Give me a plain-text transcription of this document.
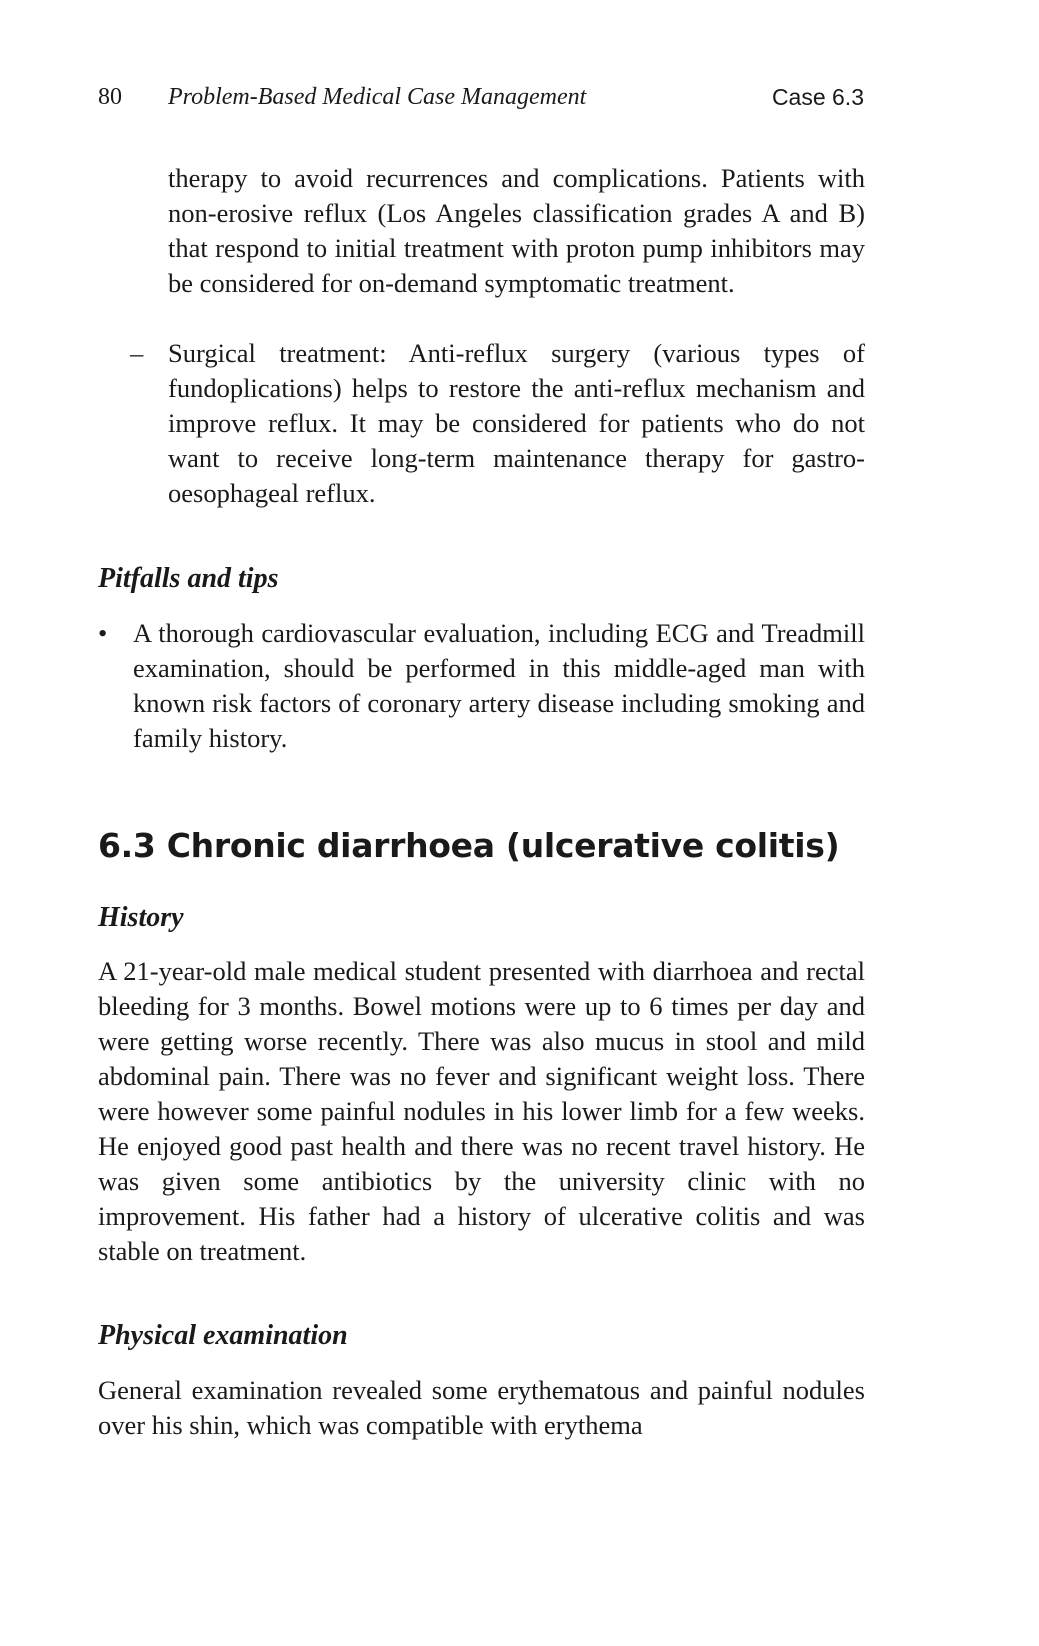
80 Problem-Based Medical Case Management	Case 6.3
therapy to avoid recurrences and complications. Patients with non-erosive reflux (Los Angeles classification grades A and B) that respond to initial treatment with proton pump inhibitors may be considered for on-demand symptomatic treatment.
– Surgical treatment: Anti-reflux surgery (various types of fundoplications) helps to restore the anti-reflux mechanism and improve reflux. It may be considered for patients who do not want to receive long-term maintenance therapy for gastro-oesophageal reflux.
Pitfalls and tips
• A thorough cardiovascular evaluation, including ECG and Treadmill examination, should be performed in this middle-aged man with known risk factors of coronary artery disease including smoking and family history.
6.3 Chronic diarrhoea (ulcerative colitis)
History
A 21-year-old male medical student presented with diarrhoea and rectal bleeding for 3 months. Bowel motions were up to 6 times per day and were getting worse recently. There was also mucus in stool and mild abdominal pain. There was no fever and significant weight loss. There were however some painful nodules in his lower limb for a few weeks. He enjoyed good past health and there was no recent travel history. He was given some antibiotics by the university clinic with no improvement. His father had a history of ulcerative colitis and was stable on treatment.
Physical examination
General examination revealed some erythematous and painful nodules over his shin, which was compatible with erythema
